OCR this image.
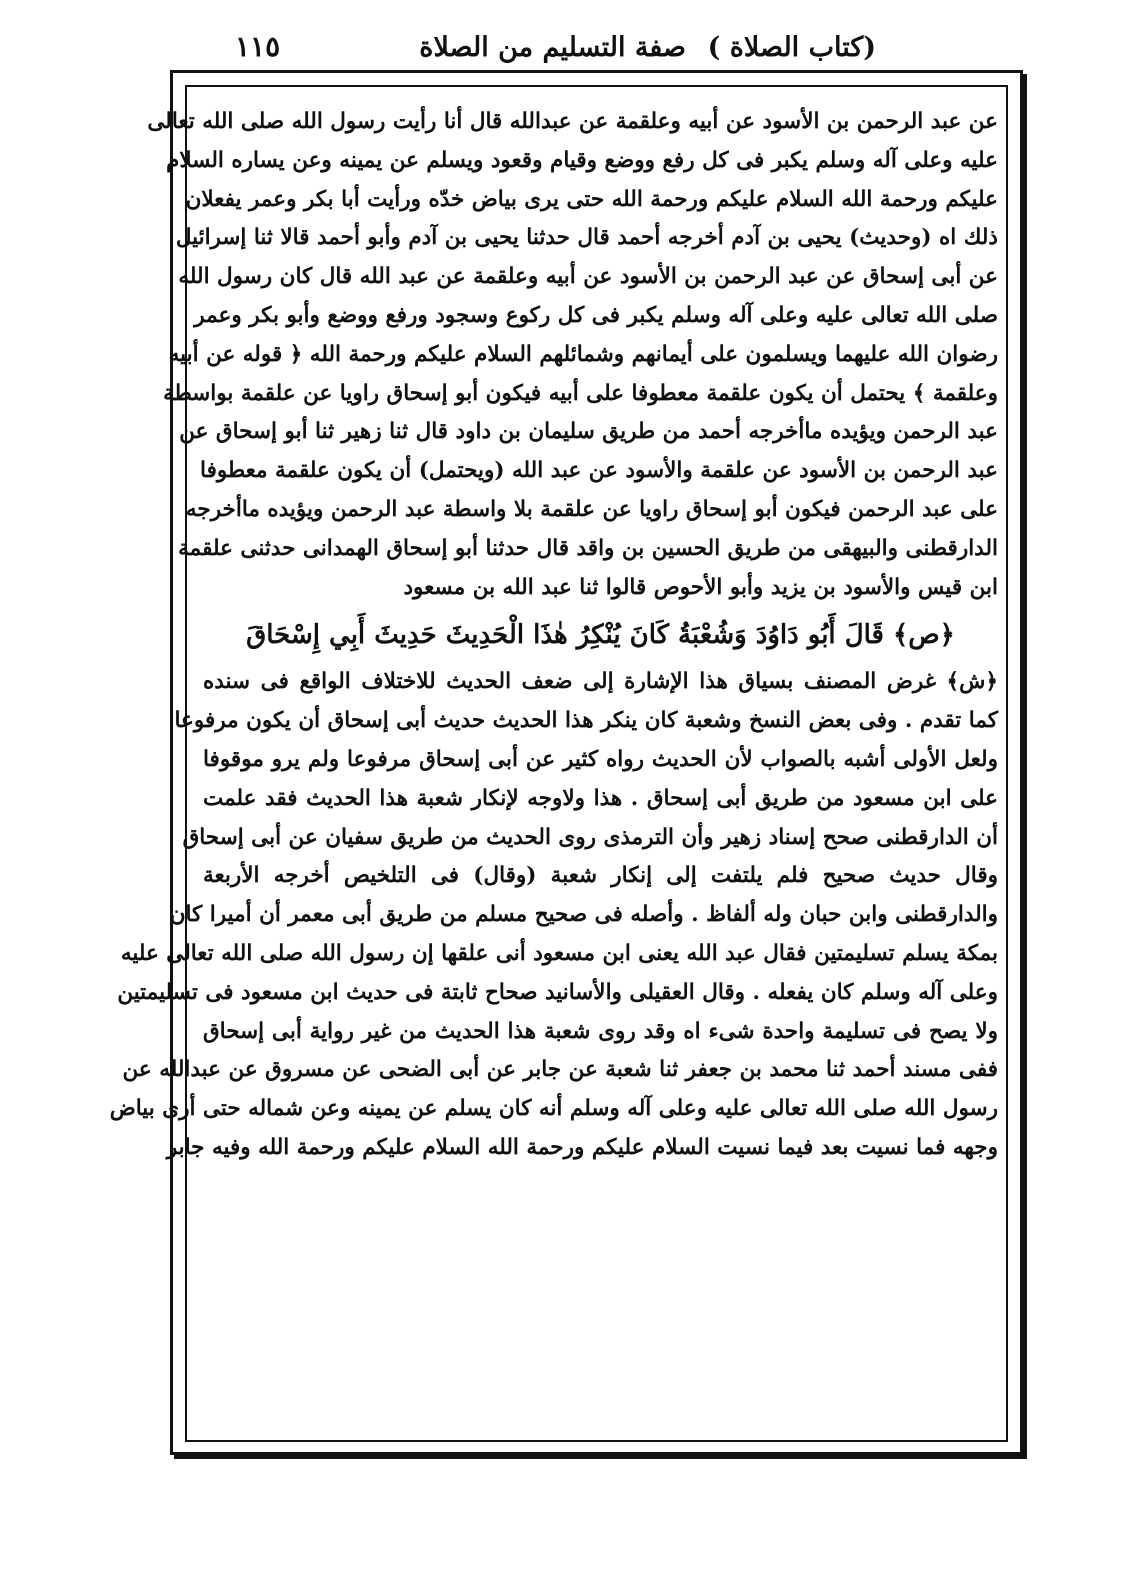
(كتاب الصلاة )
صفة التسليم من الصلاة
١١٥
عن عبد الرحمن بن الأسود عن أبيه وعلقمة عن عبدالله قال أنا رأيت رسول الله صلى الله تعالى
عليه وعلى آله وسلم يكبر فى كل رفع ووضع وقيام وقعود ويسلم عن يمينه وعن يساره السلام
عليكم ورحمة الله السلام عليكم ورحمة الله حتى يرى بياض خدّه ورأيت أبا بكر وعمر يفعلان
ذلك اه (وحديث) يحيى بن آدم أخرجه أحمد قال حدثنا يحيى بن آدم وأبو أحمد قالا ثنا إسرائيل
عن أبى إسحاق عن عبد الرحمن بن الأسود عن أبيه وعلقمة عن عبد الله قال كان رسول الله
صلى الله تعالى عليه وعلى آله وسلم يكبر فى كل ركوع وسجود ورفع ووضع وأبو بكر وعمر
رضوان الله عليهما ويسلمون على أيمانهم وشمائلهم السلام عليكم ورحمة الله ﴿ قوله عن أبيه
وعلقمة ﴾ يحتمل أن يكون علقمة معطوفا على أبيه فيكون أبو إسحاق راويا عن علقمة بواسطة
عبد الرحمن ويؤيده ماأخرجه أحمد من طريق سليمان بن داود قال ثنا زهير ثنا أبو إسحاق عن
عبد الرحمن بن الأسود عن علقمة والأسود عن عبد الله (ويحتمل) أن يكون علقمة معطوفا
على عبد الرحمن فيكون أبو إسحاق راويا عن علقمة بلا واسطة عبد الرحمن ويؤيده ماأخرجه
الدارقطنى والبيهقى من طريق الحسين بن واقد قال حدثنا أبو إسحاق الهمدانى حدثنى علقمة
ابن قيس والأسود بن يزيد وأبو الأحوص قالوا ثنا عبد الله بن مسعود
﴿ص﴾ قَالَ أَبُو دَاوُدَ وَشُعْبَةُ كَانَ يُنْكِرُ هٰذَا الْحَدِيثَ حَدِيثَ أَبِي إِسْحَاقَ
﴿ش﴾ غرض المصنف بسياق هذا الإشارة إلى ضعف الحديث للاختلاف الواقع فى سنده
كما تقدم . وفى بعض النسخ وشعبة كان ينكر هذا الحديث حديث أبى إسحاق أن يكون مرفوعا
ولعل الأولى أشبه بالصواب لأن الحديث رواه كثير عن أبى إسحاق مرفوعا ولم يرو موقوفا
على ابن مسعود من طريق أبى إسحاق . هذا ولاوجه لإنكار شعبة هذا الحديث فقد علمت
أن الدارقطنى صحح إسناد زهير وأن الترمذى روى الحديث من طريق سفيان عن أبى إسحاق
وقال حديث صحيح فلم يلتفت إلى إنكار شعبة (وقال) فى التلخيص أخرجه الأربعة
والدارقطنى وابن حبان وله ألفاظ . وأصله فى صحيح مسلم من طريق أبى معمر أن أميرا كان
بمكة يسلم تسليمتين فقال عبد الله يعنى ابن مسعود أنى علقها إن رسول الله صلى الله تعالى عليه
وعلى آله وسلم كان يفعله . وقال العقيلى والأسانيد صحاح ثابتة فى حديث ابن مسعود فى تسليمتين
ولا يصح فى تسليمة واحدة شىء اه وقد روى شعبة هذا الحديث من غير رواية أبى إسحاق
ففى مسند أحمد ثنا محمد بن جعفر ثنا شعبة عن جابر عن أبى الضحى عن مسروق عن عبدالله عن
رسول الله صلى الله تعالى عليه وعلى آله وسلم أنه كان يسلم عن يمينه وعن شماله حتى أرى بياض
وجهه فما نسيت بعد فيما نسيت السلام عليكم ورحمة الله السلام عليكم ورحمة الله وفيه جابر
